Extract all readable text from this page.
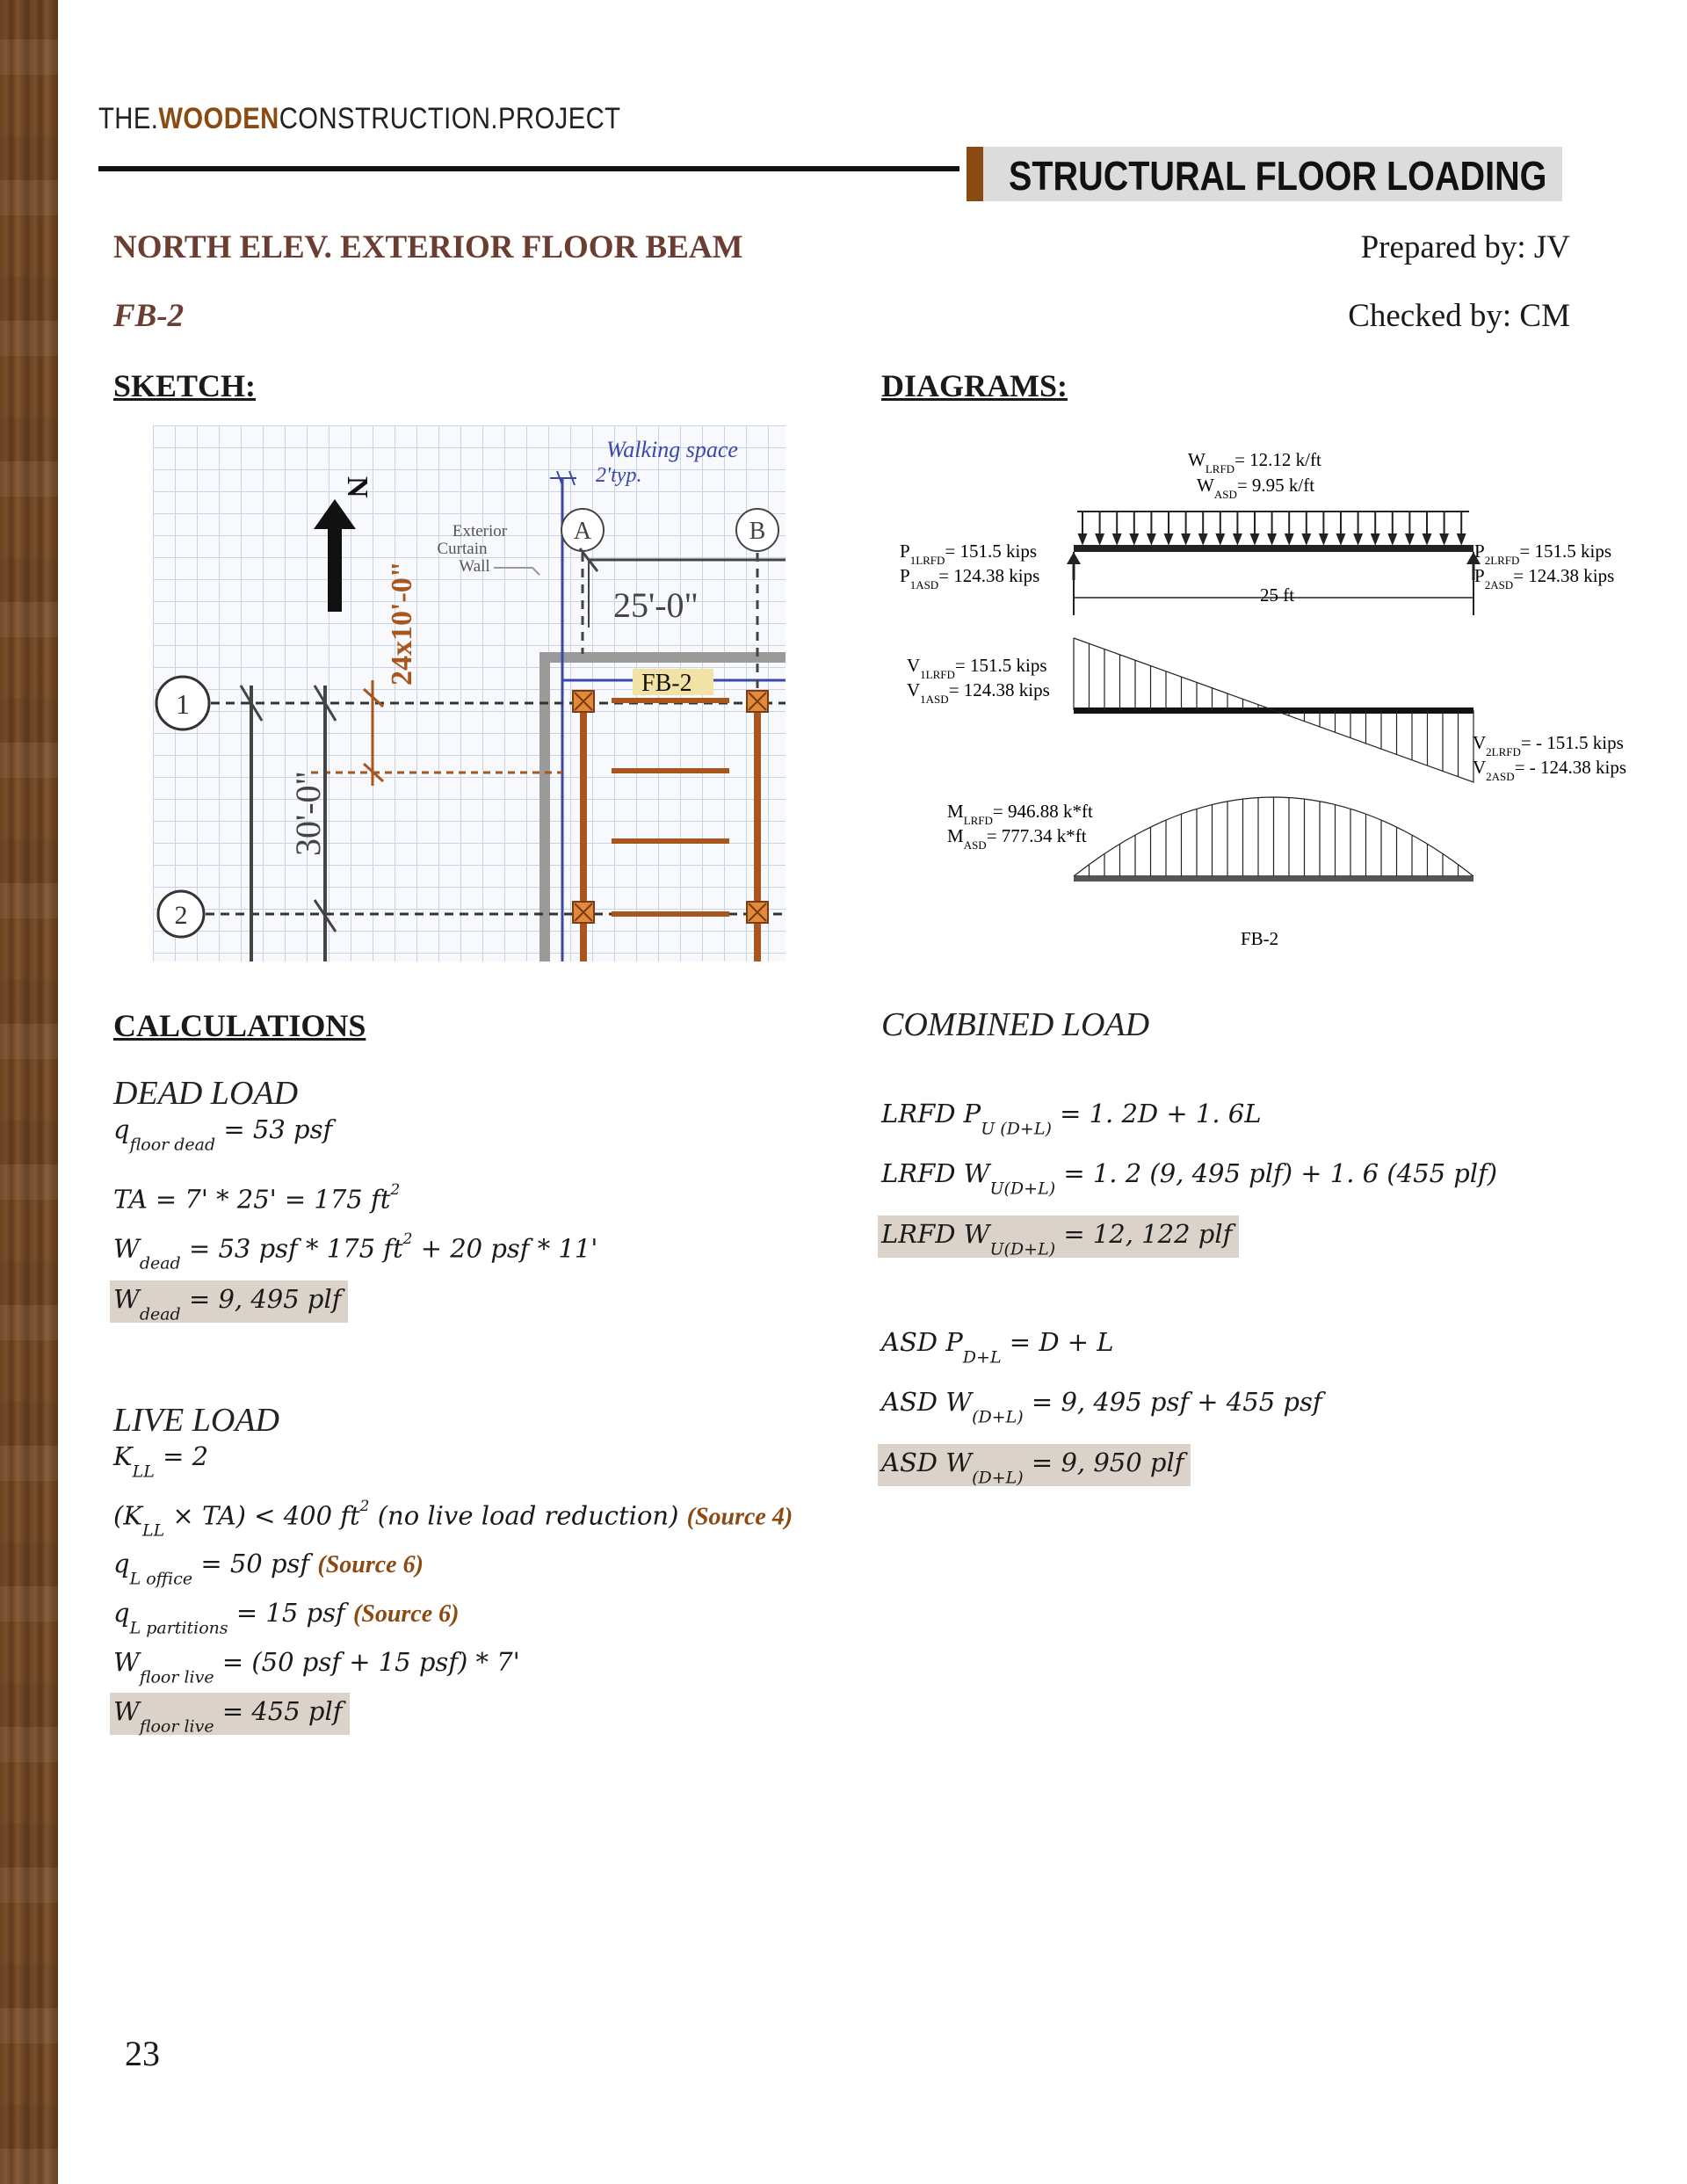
THE.WOODENCONSTRUCTION.PROJECT
STRUCTURAL FLOOR LOADING
NORTH ELEV. EXTERIOR FLOOR BEAM
FB-2
Prepared by: JV
Checked by: CM
SKETCH:	DIAGRAMS:
Walking space
2'typ.
A	B
1
2
30'-0"
24x10'-0"
N
Exterior
Curtain
Wall
25'-0"
FB-2
$W_{LRFD}= 12.12$ k/ft
$W_{ASD}= 9.95$ k/ft
25 ft
$P_{1LRFD}= 151.5$ kips
$P_{1ASD}= 124.38$ kips
$P_{2LRFD}= 151.5$ kips
$P_{2ASD}= 124.38$ kips
$V_{1LRFD}= 151.5$ kips
$V_{1ASD}= 124.38$ kips
$V_{2LRFD}= - 151.5$ kips
$V_{2ASD}= - 124.38$ kips
$M_{LRFD}= 946.88$ k*ft
$M_{ASD}= 777.34$ k*ft
FB-2
CALCULATIONS	COMBINED LOAD
DEAD LOAD
$q_{floor dead} = 53$ psf
TA = 7' * 25' = 175 $ft^2$
$W_{dead} = 53$ psf * 175 $ft^2 + 20$ psf * 11'
$W_{dead} = 9$, 495 plf
LIVE LOAD
$K_{LL} = 2$
$(K_{LL} \times TA) < 400$ $ft^2$ (no live load reduction) (Source 4)
$q_{L office} = 50$ psf (Source 6)
$q_{L partitions} = 15$ psf (Source 6)
$W_{floor live} = (50$ psf + 15 psf) * 7'
$W_{floor live} = 455$ plf
LRFD $P_{U (D+L)} = 1$. 2D + 1. 6L
LRFD $W_{U(D+L)} = 1$. 2 (9, 495 plf) + 1. 6 (455 plf)
LRFD $W_{U(D+L)} = 12$, 122 plf
ASD $P_{D+L} = D + L$
ASD $W_{(D+L)} = 9$, 495 psf + 455 psf
ASD $W_{(D+L)} = 9$, 950 plf
23
